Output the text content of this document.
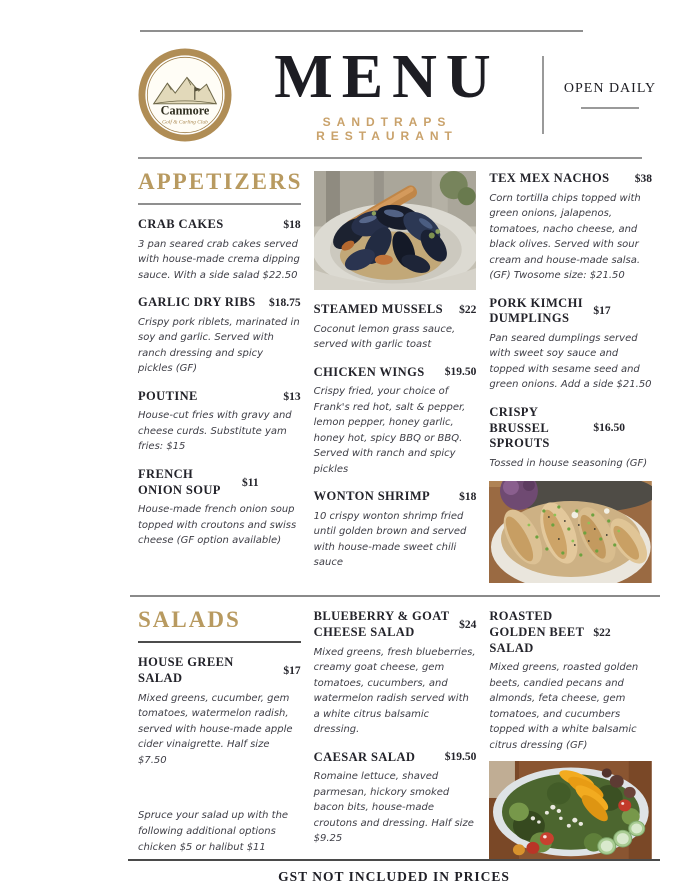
Canmore
Golf & Curling Club
MENU
SANDTRAPS RESTAURANT
OPEN DAILY
APPETIZERS
CRAB CAKES	$18

3 pan seared crab cakes served with house-made crema dipping sauce. With a side salad $22.50

GARLIC DRY RIBS	$18.75

Crispy pork riblets, marinated in soy and garlic. Served with ranch dressing and spicy pickles (GF)

POUTINE	$13

House-cut fries with gravy and cheese curds. Substitute yam fries: $15

FRENCH ONION SOUP	$11

House-made french onion soup topped with croutons and swiss cheese (GF option available)

STEAMED MUSSELS	$22

Coconut lemon grass sauce, served with garlic toast

CHICKEN WINGS	$19.50

Crispy fried, your choice of Frank's red hot, salt & pepper, lemon pepper, honey garlic, honey hot, spicy BBQ or BBQ. Served with ranch and spicy pickles

WONTON SHRIMP	$18

10 crispy wonton shrimp fried until golden brown and served with house-made sweet chili sauce

TEX MEX NACHOS	$38

Corn tortilla chips topped with green onions, jalapenos, tomatoes, nacho cheese, and black olives. Served with sour cream and house-made salsa.(GF) Twosome size: $21.50

PORK KIMCHI DUMPLINGS	$17

Pan seared dumplings served with sweet soy sauce and topped with sesame seed and green onions. Add a side $21.50

CRISPY BRUSSEL SPROUTS
$16.50

Tossed in house seasoning (GF)

SALADS
HOUSE GREEN SALAD	$17

Mixed greens, cucumber, gem tomatoes, watermelon radish, served with house-made apple cider vinaigrette. Half size $7.50

Spruce your salad up with the following additional options chicken $5 or halibut $11

BLUEBERRY & GOAT CHEESE SALAD	$24

Mixed greens, fresh blueberries, creamy goat cheese, gem tomatoes, cucumbers, and watermelon radish served with a white citrus balsamic dressing.

CAESAR SALAD	$19.50

Romaine lettuce, shaved parmesan, hickory smoked bacon bits, house-made croutons and dressing. Half size $9.25

ROASTED GOLDEN BEET SALAD
$22

Mixed greens, roasted golden beets, candied pecans and almonds, feta cheese, gem tomatoes, and cucumbers topped with a white balsamic citrus dressing (GF)

GST NOT INCLUDED IN PRICES
